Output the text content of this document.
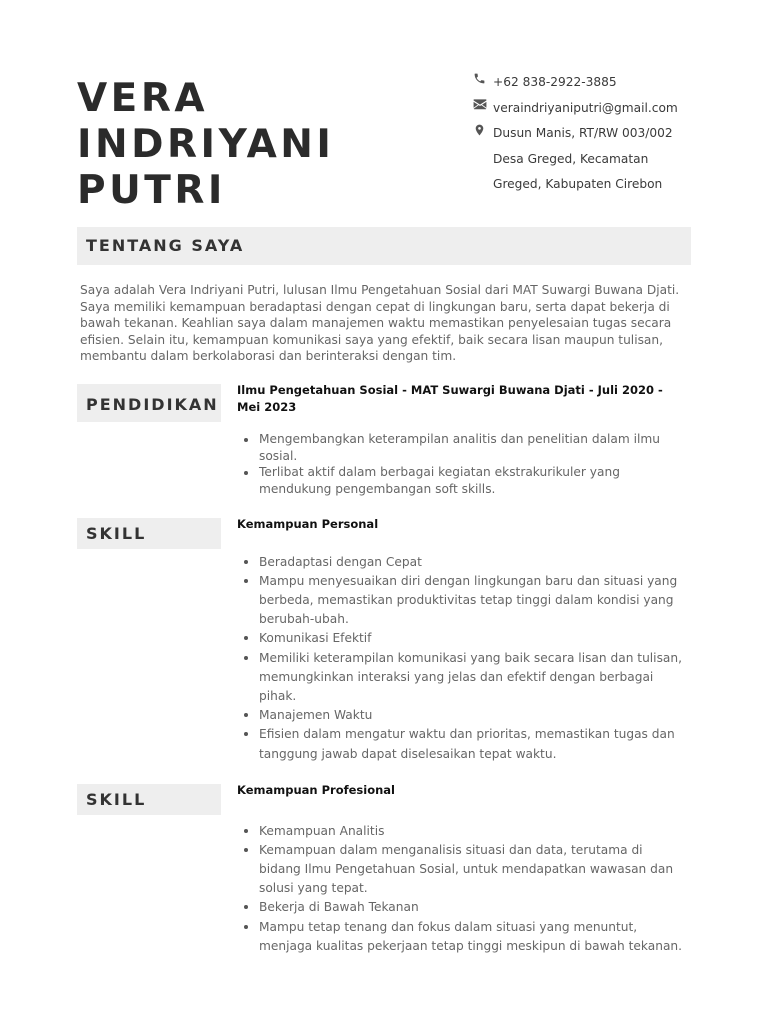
VERA
INDRIYANI
PUTRI
+62 838-2922-3885
veraindriyaniputri@gmail.com
Dusun Manis, RT/RW 003/002
Desa Greged, Kecamatan
Greged, Kabupaten Cirebon
TENTANG SAYA
Saya adalah Vera Indriyani Putri, lulusan Ilmu Pengetahuan Sosial dari MAT Suwargi Buwana Djati. Saya memiliki kemampuan beradaptasi dengan cepat di lingkungan baru, serta dapat bekerja di bawah tekanan. Keahlian saya dalam manajemen waktu memastikan penyelesaian tugas secara efisien. Selain itu, kemampuan komunikasi saya yang efektif, baik secara lisan maupun tulisan, membantu dalam berkolaborasi dan berinteraksi dengan tim.
PENDIDIKAN
Ilmu Pengetahuan Sosial - MAT Suwargi Buwana Djati - Juli 2020 - Mei 2023
Mengembangkan keterampilan analitis dan penelitian dalam ilmu sosial.
Terlibat aktif dalam berbagai kegiatan ekstrakurikuler yang mendukung pengembangan soft skills.
SKILL	Kemampuan Personal
Beradaptasi dengan Cepat
Mampu menyesuaikan diri dengan lingkungan baru dan situasi yang berbeda, memastikan produktivitas tetap tinggi dalam kondisi yang berubah-ubah.
Komunikasi Efektif
Memiliki keterampilan komunikasi yang baik secara lisan dan tulisan, memungkinkan interaksi yang jelas dan efektif dengan berbagai pihak.
Manajemen Waktu
Efisien dalam mengatur waktu dan prioritas, memastikan tugas dan tanggung jawab dapat diselesaikan tepat waktu.
SKILL	Kemampuan Profesional
Kemampuan Analitis
Kemampuan dalam menganalisis situasi dan data, terutama di bidang Ilmu Pengetahuan Sosial, untuk mendapatkan wawasan dan solusi yang tepat.
Bekerja di Bawah Tekanan
Mampu tetap tenang dan fokus dalam situasi yang menuntut, menjaga kualitas pekerjaan tetap tinggi meskipun di bawah tekanan.
